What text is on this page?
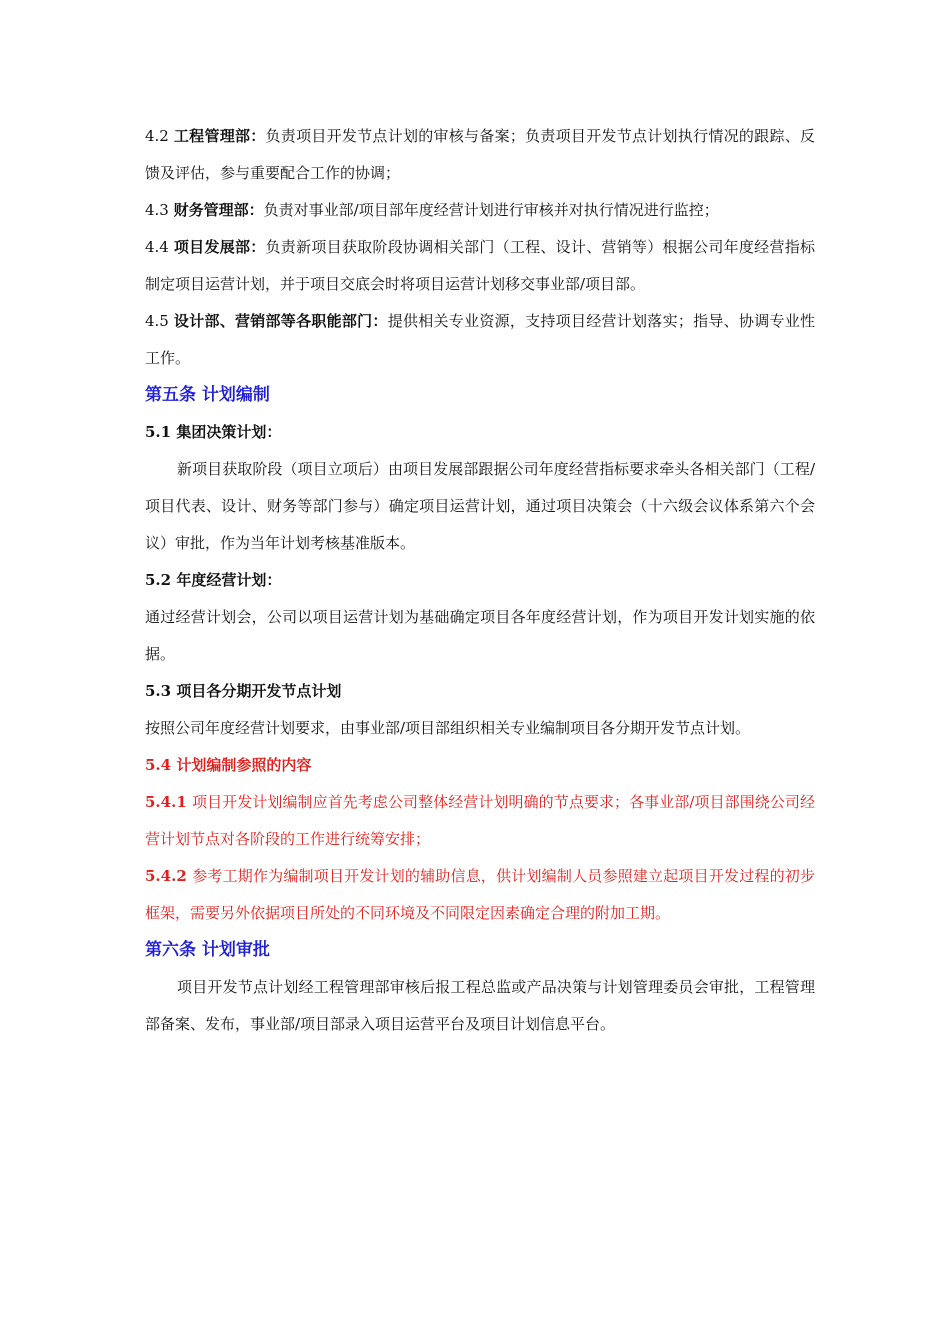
4.2 工程管理部：负责项目开发节点计划的审核与备案；负责项目开发节点计划执行情况的跟踪、反馈及评估，参与重要配合工作的协调；

4.3 财务管理部：负责对事业部/项目部年度经营计划进行审核并对执行情况进行监控；

4.4 项目发展部：负责新项目获取阶段协调相关部门（工程、设计、营销等）根据公司年度经营指标制定项目运营计划，并于项目交底会时将项目运营计划移交事业部/项目部。

4.5 设计部、营销部等各职能部门：提供相关专业资源，支持项目经营计划落实；指导、协调专业性工作。

第五条 计划编制

5.1 集团决策计划：

新项目获取阶段（项目立项后）由项目发展部跟据公司年度经营指标要求牵头各相关部门（工程/项目代表、设计、财务等部门参与）确定项目运营计划，通过项目决策会（十六级会议体系第六个会议）审批，作为当年计划考核基准版本。

5.2 年度经营计划：

通过经营计划会，公司以项目运营计划为基础确定项目各年度经营计划，作为项目开发计划实施的依据。

5.3 项目各分期开发节点计划

按照公司年度经营计划要求，由事业部/项目部组织相关专业编制项目各分期开发节点计划。

5.4 计划编制参照的内容

5.4.1 项目开发计划编制应首先考虑公司整体经营计划明确的节点要求；各事业部/项目部围绕公司经营计划节点对各阶段的工作进行统筹安排；

5.4.2 参考工期作为编制项目开发计划的辅助信息，供计划编制人员参照建立起项目开发过程的初步框架，需要另外依据项目所处的不同环境及不同限定因素确定合理的附加工期。

第六条 计划审批

项目开发节点计划经工程管理部审核后报工程总监或产品决策与计划管理委员会审批，工程管理部备案、发布，事业部/项目部录入项目运营平台及项目计划信息平台。
